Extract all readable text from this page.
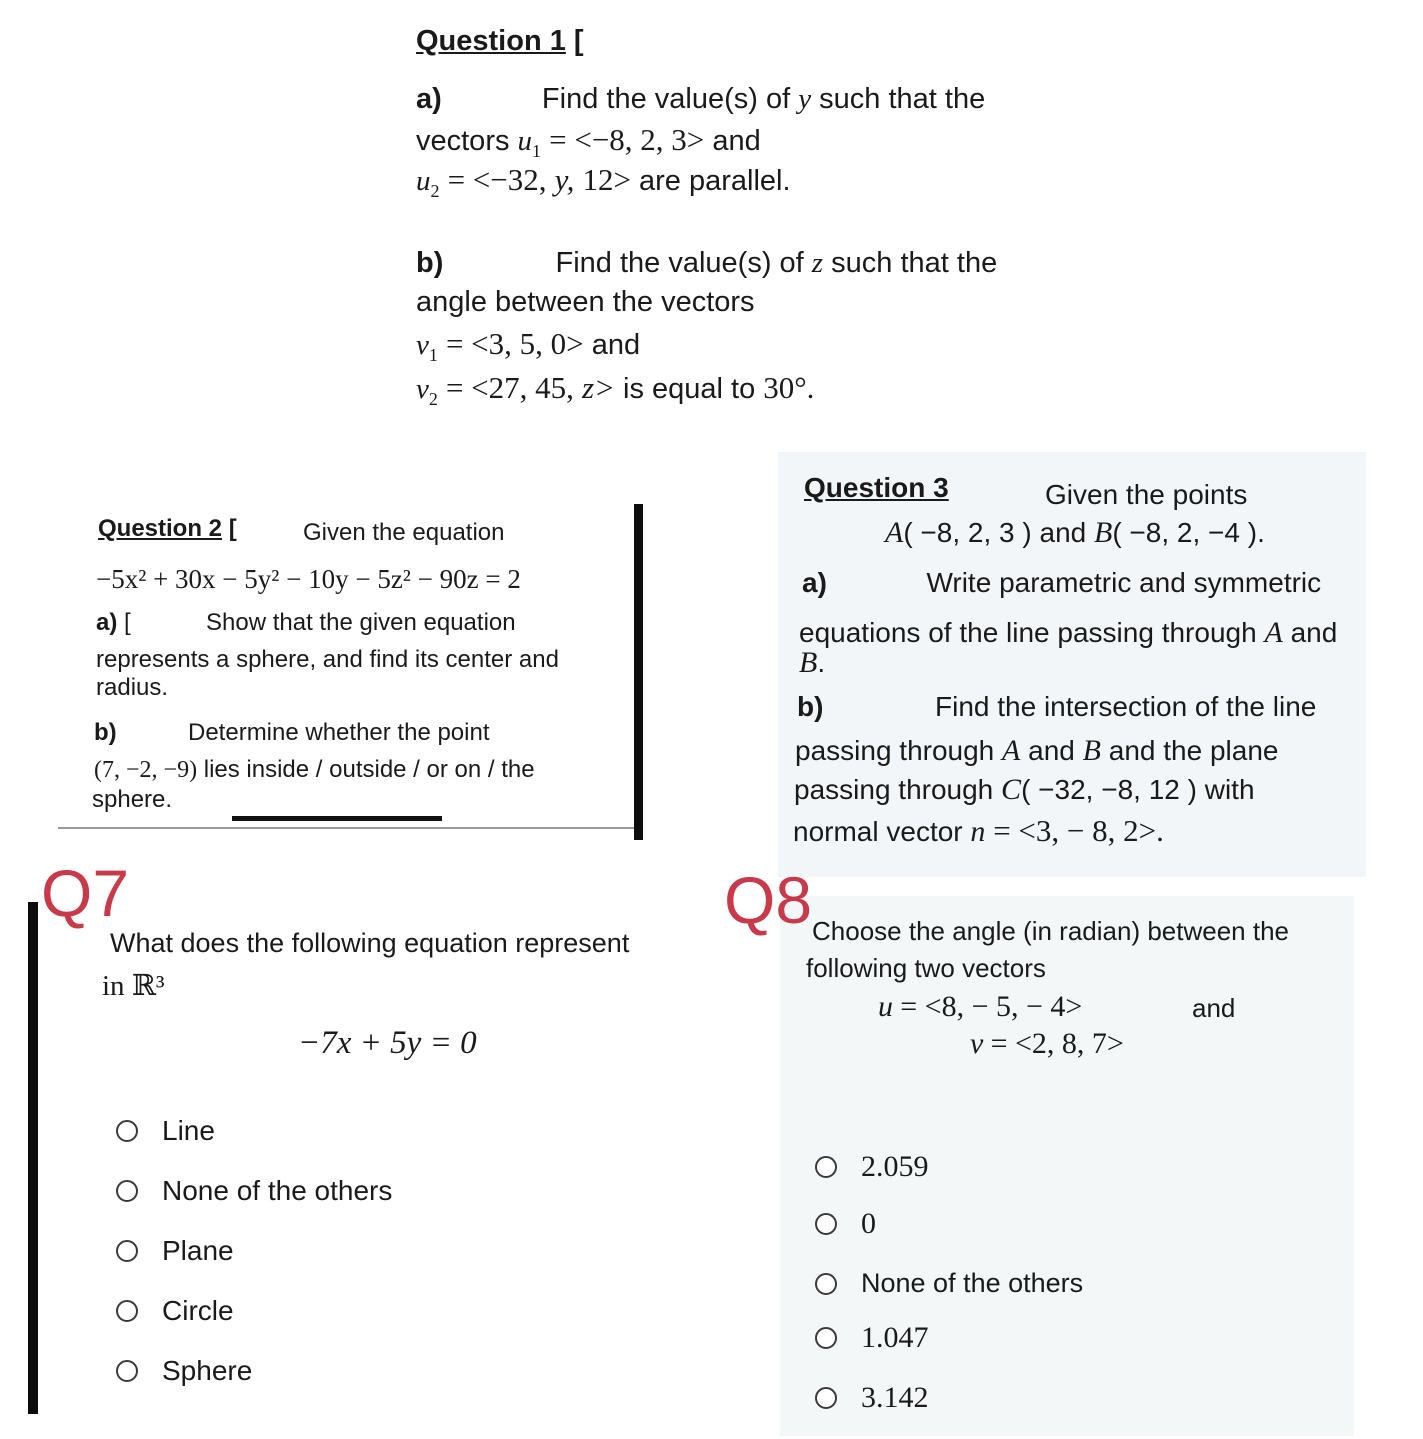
Question 1 [
a)	Find the value(s) of y such that the
vectors $u_1 = <-8$, 2, 3> and
$u_2 = <-32$, y, 12> are parallel.
b)	Find the value(s) of z such that the
angle between the vectors
$v_1 = <3$, 5, 0> and
$v_2 = <27$, 45, z> is equal to 30°.
Question 2 [	Given the equation
−5x² + 30x − 5y² − 10y − 5z² − 90z = 2
a) [	Show that the given equation
represents a sphere, and find its center and
radius.
b)	Determine whether the point
(7, −2, −9) lies inside / outside / or on / the
sphere.
Question 3	Given the points
A( −8, 2, 3 ) and B( −8, 2, −4 ).
a)	Write parametric and symmetric
equations of the line passing through A and
B.
b)	Find the intersection of the line
passing through A and B and the plane
passing through C( −32, −8, 12 ) with
normal vector n = <3, − 8, 2>.
Q7
What does the following equation represent
in ℝ³
−7x + 5y = 0
Line
None of the others
Plane
Circle
Sphere
Q8 Choose the angle (in radian) between the
following two vectors
u = <8, − 5, − 4>	and
v = <2, 8, 7>
2.059
0
None of the others
1.047
3.142
